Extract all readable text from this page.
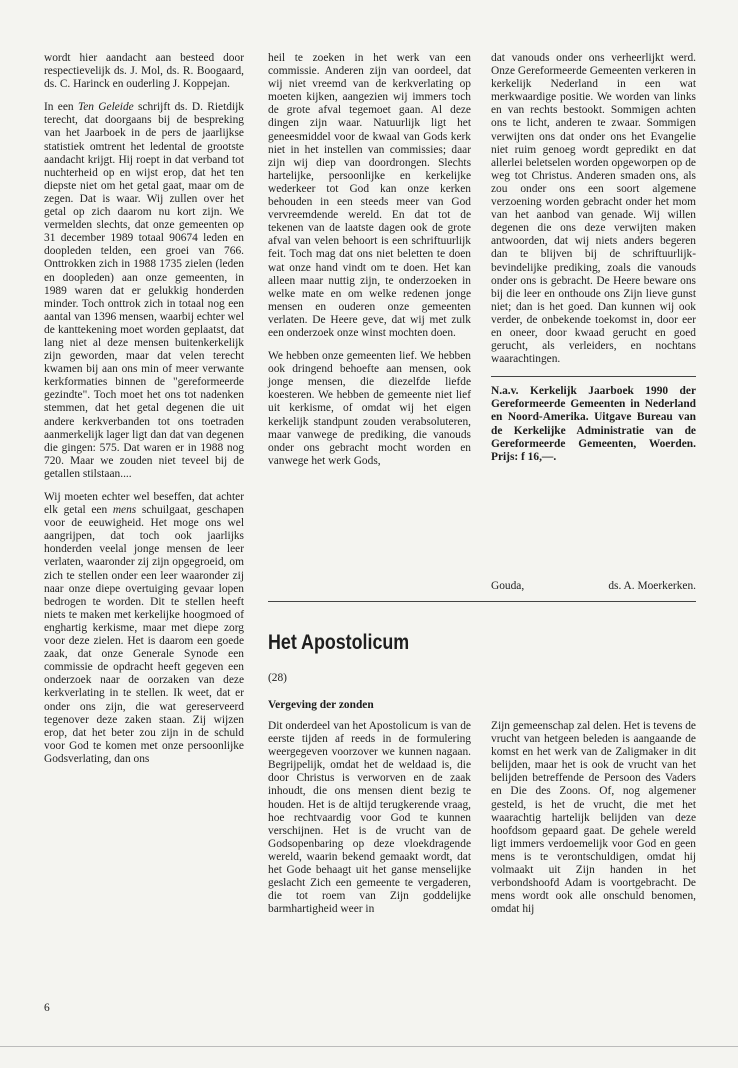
wordt hier aandacht aan besteed door respectievelijk ds. J. Mol, ds. R. Boogaard, ds. C. Harinck en ouderling J. Koppejan.

In een Ten Geleide schrijft ds. D. Rietdijk terecht, dat doorgaans bij de bespreking van het Jaarboek in de pers de jaarlijkse statistiek omtrent het ledental de grootste aandacht krijgt. Hij roept in dat verband tot nuchterheid op en wijst erop, dat het ten diepste niet om het getal gaat, maar om de zegen. Dat is waar. Wij zullen over het getal op zich daarom nu kort zijn. We vermelden slechts, dat onze gemeenten op 31 december 1989 totaal 90674 leden en doopleden telden, een groei van 766. Onttrokken zich in 1988 1735 zielen (leden en doopleden) aan onze gemeenten, in 1989 waren dat er gelukkig honderden minder. Toch onttrok zich in totaal nog een aantal van 1396 mensen, waarbij echter wel de kanttekening moet worden geplaatst, dat lang niet al deze mensen buitenkerkelijk zijn geworden, maar dat velen terecht kwamen bij aan ons min of meer verwante kerkformaties binnen de "gereformeerde gezindte". Toch moet het ons tot nadenken stemmen, dat het getal degenen die uit andere kerkverbanden tot ons toetraden aanmerkelijk lager ligt dan dat van degenen die gingen: 575. Dat waren er in 1988 nog 720. Maar we zouden niet teveel bij de getallen stilstaan....

Wij moeten echter wel beseffen, dat achter elk getal een mens schuilgaat, geschapen voor de eeuwigheid. Het moge ons wel aangrijpen, dat toch ook jaarlijks honderden veelal jonge mensen de leer verlaten, waaronder zij zijn opgegroeid, om zich te stellen onder een leer waaronder zij naar onze diepe overtuiging gevaar lopen bedrogen te worden. Dit te stellen heeft niets te maken met kerkelijke hoogmoed of enghartig kerkisme, maar met diepe zorg voor deze zielen. Het is daarom een goede zaak, dat onze Generale Synode een commissie de opdracht heeft gegeven een onderzoek naar de oorzaken van deze kerkverlating in te stellen. Ik weet, dat er onder ons zijn, die wat gereserveerd tegenover deze zaken staan. Zij wijzen erop, dat het beter zou zijn in de schuld voor God te komen met onze persoonlijke Godsverlating, dan ons

heil te zoeken in het werk van een commissie. Anderen zijn van oordeel, dat wij niet vreemd van de kerkverlating op moeten kijken, aangezien wij immers toch de grote afval tegemoet gaan. Al deze dingen zijn waar. Natuurlijk ligt het geneesmiddel voor de kwaal van Gods kerk niet in het instellen van commissies; daar zijn wij diep van doordrongen. Slechts hartelijke, persoonlijke en kerkelijke wederkeer tot God kan onze kerken behouden in een steeds meer van God vervreemdende wereld. En dat tot de tekenen van de laatste dagen ook de grote afval van velen behoort is een schriftuurlijk feit. Toch mag dat ons niet beletten te doen wat onze hand vindt om te doen. Het kan alleen maar nuttig zijn, te onderzoeken in welke mate en om welke redenen jonge mensen en ouderen onze gemeenten verlaten. De Heere geve, dat wij met zulk een onderzoek onze winst mochten doen.

We hebben onze gemeenten lief. We hebben ook dringend behoefte aan mensen, ook jonge mensen, die diezelfde liefde koesteren. We hebben de gemeente niet lief uit kerkisme, of omdat wij het eigen kerkelijk standpunt zouden verabsoluteren, maar vanwege de prediking, die vanouds onder ons gebracht mocht worden en vanwege het werk Gods,

dat vanouds onder ons verheerlijkt werd. Onze Gereformeerde Gemeenten verkeren in kerkelijk Nederland in een wat merkwaardige positie. We worden van links en van rechts bestookt. Sommigen achten ons te licht, anderen te zwaar. Sommigen verwijten ons dat onder ons het Evangelie niet ruim genoeg wordt gepredikt en dat allerlei beletselen worden opgeworpen op de weg tot Christus. Anderen smaden ons, als zou onder ons een soort algemene verzoening worden gebracht onder het mom van het aanbod van genade. Wij willen degenen die ons deze verwijten maken antwoorden, dat wij niets anders begeren dan te blijven bij de schriftuurlijk-bevindelijke prediking, zoals die vanouds onder ons is gebracht. De Heere beware ons bij die leer en onthoude ons Zijn lieve gunst niet; dan is het goed. Dan kunnen wij ook verder, de onbekende toekomst in, door eer en oneer, door kwaad gerucht en goed gerucht, als verleiders, en nochtans waarachtingen.

N.a.v. Kerkelijk Jaarboek 1990 der Gereformeerde Gemeenten in Nederland en Noord-Amerika. Uitgave Bureau van de Kerkelijke Administratie van de Gereformeerde Gemeenten, Woerden. Prijs: f 16,—.

Gouda,	ds. A. Moerkerken.
Het Apostolicum
(28)
Vergeving der zonden

Dit onderdeel van het Apostolicum is van de eerste tijden af reeds in de formulering weergegeven voorzover we kunnen nagaan. Begrijpelijk, omdat het de weldaad is, die door Christus is verworven en de zaak inhoudt, die ons mensen dient bezig te houden. Het is de altijd terugkerende vraag, hoe rechtvaardig voor God te kunnen verschijnen. Het is de vrucht van de Godsopenbaring op deze vloekdragende wereld, waarin bekend gemaakt wordt, dat het Gode behaagt uit het ganse menselijke geslacht Zich een gemeente te vergaderen, die tot roem van Zijn goddelijke barmhartigheid weer in

Zijn gemeenschap zal delen. Het is tevens de vrucht van hetgeen beleden is aangaande de komst en het werk van de Zaligmaker in dit belijden, maar het is ook de vrucht van het belijden betreffende de Persoon des Vaders en Die des Zoons. Of, nog algemener gesteld, is het de vrucht, die met het waarachtig hartelijk belijden van deze hoofdsom gepaard gaat. De gehele wereld ligt immers verdoemelijk voor God en geen mens is te verontschuldigen, omdat hij volmaakt uit Zijn handen in het verbondshoofd Adam is voortgebracht. De mens wordt ook alle onschuld benomen, omdat hij

6
